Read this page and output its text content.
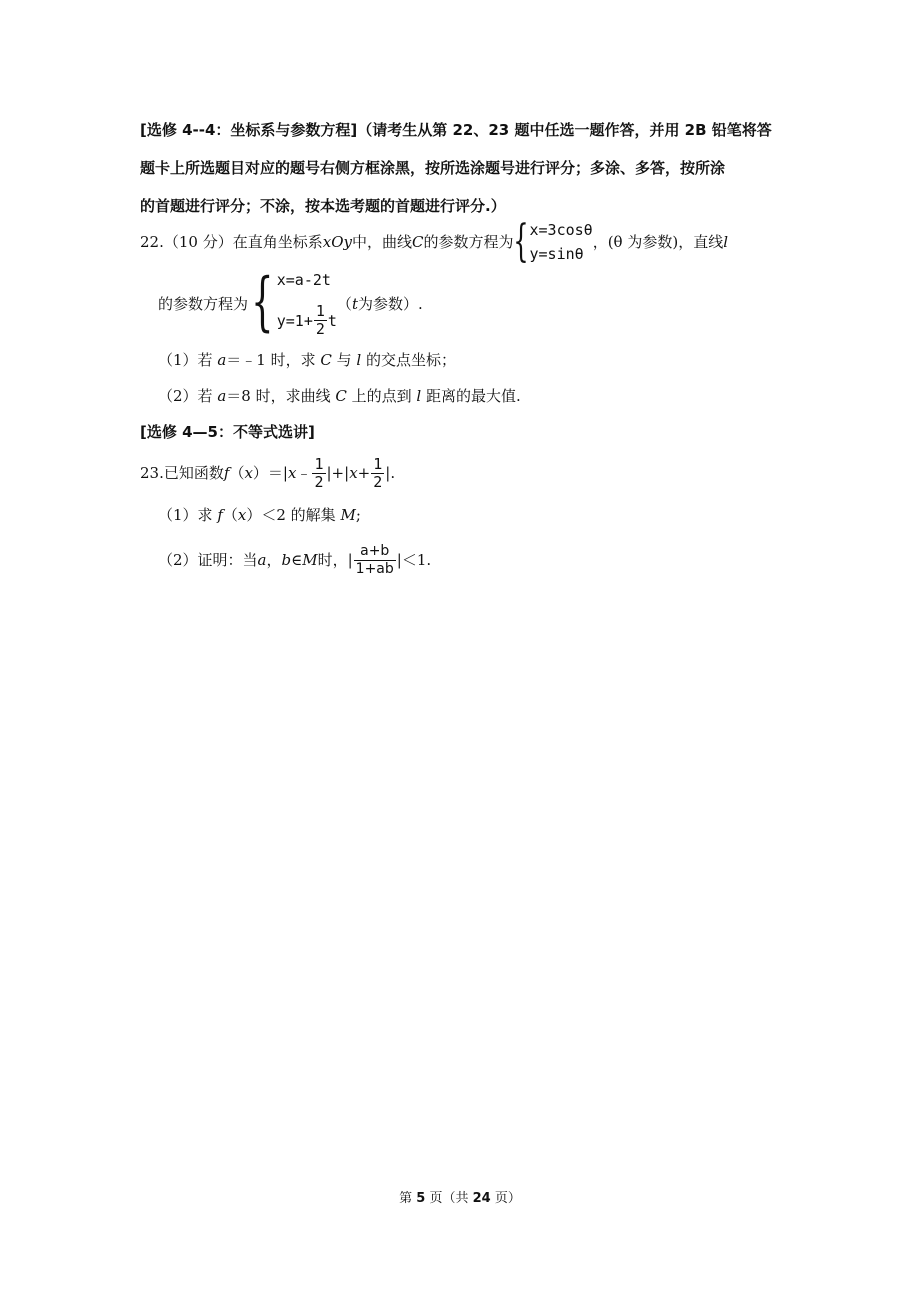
[选修 4--4：坐标系与参数方程]（请考生从第 22、23 题中任选一题作答，并用 2B 铅笔将答
题卡上所选题目对应的题号右侧方框涂黑，按所选涂题号进行评分；多涂、多答，按所涂
的首题进行评分；不涂，按本选考题的首题进行评分.）
22. （10 分） 在直角坐标系 xOy 中，曲线 C 的参数方程为 { x=3cosθ
y=sinθ
，(θ 为参数)，直线 l
的参数方程为 { x=a-2t
$y=1+ \frac{1}{2}$ t
（ t 为参数）.
（1）若 a＝﹣1 时，求 C 与 l 的交点坐标；
（2）若 a＝8 时，求曲线 C 上的点到 l 距离的最大值.
[选修 4—5：不等式选讲]
23. 已知函数 f （ x ）＝| x ﹣ $\frac{1}{2}$ |+| $x + \frac{1}{2}$ |.
（1）求 f（x）＜2 的解集 M;
（2）证明：当 a ， b ∈ M 时，| $\frac{a+b}{1+ab} |<1$.
第 5 页（共 24 页）
